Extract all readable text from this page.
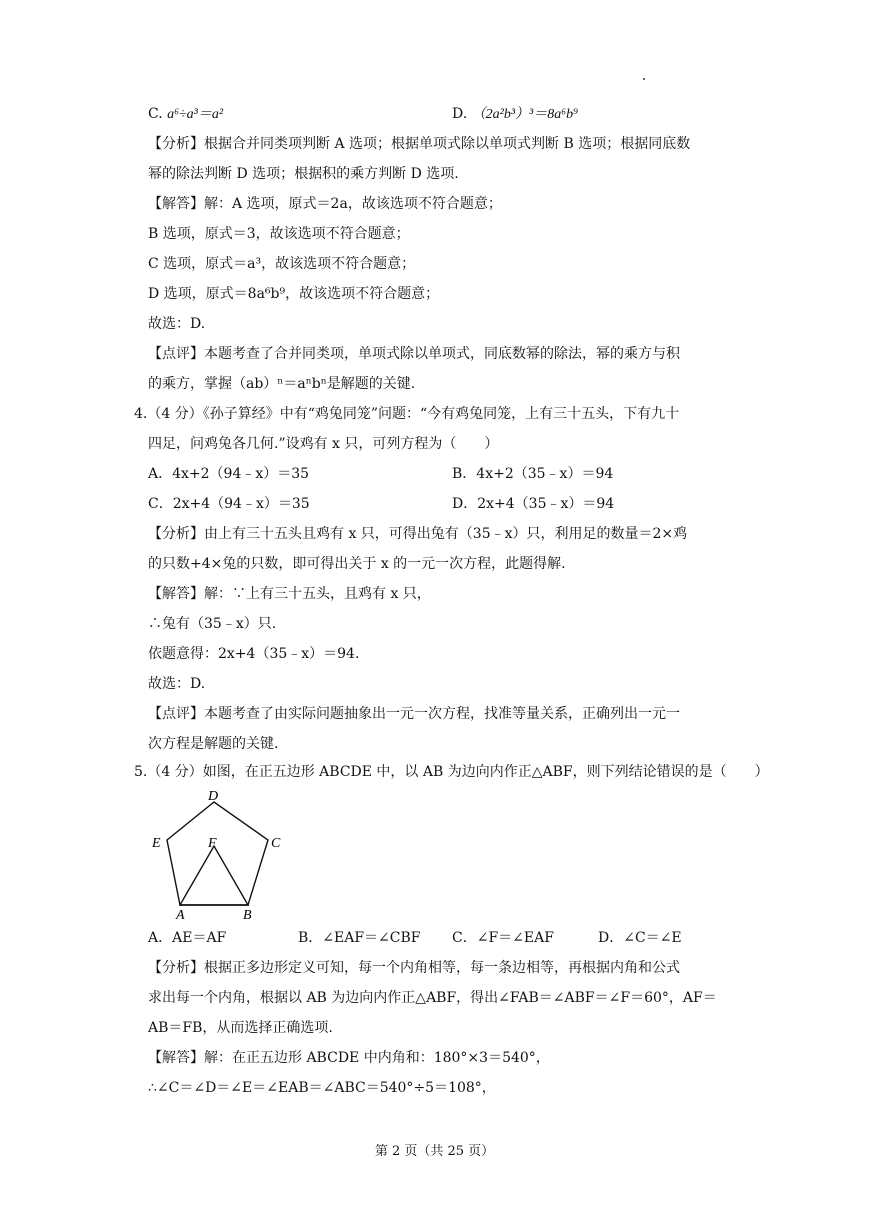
C. a⁶÷a³＝a²	D. （2a²b³）³＝8a⁶b⁹
【分析】根据合并同类项判断 A 选项；根据单项式除以单项式判断 B 选项；根据同底数
幂的除法判断 D 选项；根据积的乘方判断 D 选项.
【解答】解：A 选项，原式＝2a，故该选项不符合题意；
B 选项，原式＝3，故该选项不符合题意；
C 选项，原式＝a³，故该选项不符合题意；
D 选项，原式＝8a⁶b⁹，故该选项不符合题意；
故选：D.
【点评】本题考查了合并同类项，单项式除以单项式，同底数幂的除法，幂的乘方与积
的乘方，掌握（ab）ⁿ＝aⁿbⁿ是解题的关键.
4.（4 分）《孙子算经》中有“鸡兔同笼”问题：“今有鸡兔同笼，上有三十五头，下有九十
四足，问鸡兔各几何.”设鸡有 x 只，可列方程为（　　）
A．4x+2（94﹣x）＝35	B．4x+2（35﹣x）＝94
C．2x+4（94﹣x）＝35	D．2x+4（35﹣x）＝94
【分析】由上有三十五头且鸡有 x 只，可得出兔有（35﹣x）只，利用足的数量＝2×鸡
的只数+4×兔的只数，即可得出关于 x 的一元一次方程，此题得解.
【解答】解：∵上有三十五头，且鸡有 x 只，
∴兔有（35﹣x）只.
依题意得：2x+4（35﹣x）＝94.
故选：D.
【点评】本题考查了由实际问题抽象出一元一次方程，找准等量关系，正确列出一元一
次方程是解题的关键.
5.（4 分）如图，在正五边形 ABCDE 中，以 AB 为边向内作正△ABF，则下列结论错误的是（　　）
D
E	C
F
A	B
A．AE＝AF	B．∠EAF＝∠CBF C．∠F＝∠EAF	D．∠C＝∠E
【分析】根据正多边形定义可知，每一个内角相等，每一条边相等，再根据内角和公式
求出每一个内角，根据以 AB 为边向内作正△ABF，得出∠FAB＝∠ABF＝∠F＝60°，AF＝
AB＝FB，从而选择正确选项.
【解答】解：在正五边形 ABCDE 中内角和：180°×3＝540°，
∴∠C＝∠D＝∠E＝∠EAB＝∠ABC＝540°÷5＝108°，
第 2 页（共 25 页）
